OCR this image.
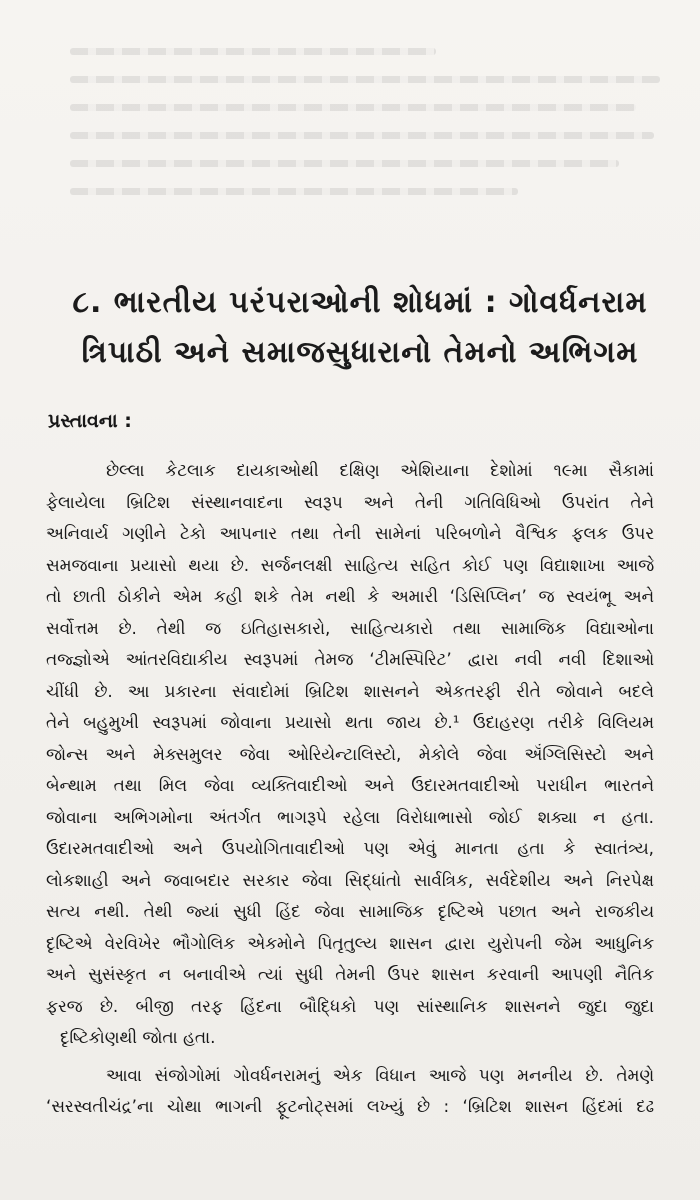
૮. ભારતીય પરંપરાઓની શોધમાં : ગોવર્ધનરામ
ત્રિપાઠી અને સમાજસુધારાનો તેમનો અભિગમ
પ્રસ્તાવના :
છેલ્લા કેટલાક દાયકાઓથી દક્ષિણ એશિયાના દેશોમાં ૧૯મા સૈકામાં
ફેલાયેલા બ્રિટિશ સંસ્થાનવાદના સ્વરૂપ અને તેની ગતિવિધિઓ ઉપરાંત તેને
અનિવાર્ય ગણીને ટેકો આપનાર તથા તેની સામેનાં પરિબળોને વૈશ્વિક ફલક ઉપર
સમજવાના પ્રયાસો થયા છે. સર્જનલક્ષી સાહિત્ય સહિત કોઈ પણ વિદ્યાશાખા આજે
તો છાતી ઠોકીને એમ કહી શકે તેમ નથી કે અમારી ‘ડિસિપ્લિન’ જ સ્વયંભૂ અને
સર્વોત્તમ છે. તેથી જ ઇતિહાસકારો, સાહિત્યકારો તથા સામાજિક વિદ્યાઓના
તજ્જ્ઞોએ આંતરવિદ્યાકીય સ્વરૂપમાં તેમજ ‘ટીમસ્પિરિટ’ દ્વારા નવી નવી દિશાઓ
ચીંધી છે. આ પ્રકારના સંવાદોમાં બ્રિટિશ શાસનને એકતરફી રીતે જોવાને બદલે
તેને બહુમુખી સ્વરૂપમાં જોવાના પ્રયાસો થતા જાય છે.¹ ઉદાહરણ તરીકે વિલિયમ
જોન્સ અને મેક્સમુલર જેવા ઓરિયેન્ટાલિસ્ટો, મેકોલે જેવા ઍંગ્લિસિસ્ટો અને
બેન્થામ તથા મિલ જેવા વ્યક્તિવાદીઓ અને ઉદારમતવાદીઓ પરાધીન ભારતને
જોવાના અભિગમોના અંતર્ગત ભાગરૂપે રહેલા વિરોધાભાસો જોઈ શક્યા ન હતા.
ઉદારમતવાદીઓ અને ઉપયોગિતાવાદીઓ પણ એવું માનતા હતા કે સ્વાતંત્ર્ય,
લોકશાહી અને જવાબદાર સરકાર જેવા સિદ્ધાંતો સાર્વત્રિક, સર્વદેશીય અને નિરપેક્ષ
સત્ય નથી. તેથી જ્યાં સુધી હિંદ જેવા સામાજિક દૃષ્ટિએ પછાત અને રાજકીય
દૃષ્ટિએ વેરવિખેર ભૌગોલિક એકમોને પિતૃતુલ્ય શાસન દ્વારા યુરોપની જેમ આધુનિક
અને સુસંસ્કૃત ન બનાવીએ ત્યાં સુધી તેમની ઉપર શાસન કરવાની આપણી નૈતિક
ફરજ છે. બીજી તરફ હિંદના બૌદ્ધિકો પણ સાંસ્થાનિક શાસનને જુદા જુદા
દૃષ્ટિકોણથી જોતા હતા.
આવા સંજોગોમાં ગોવર્ધનરામનું એક વિધાન આજે પણ મનનીય છે. તેમણે
‘સરસ્વતીચંદ્ર’ના ચોથા ભાગની ફૂટનોટ્સમાં લખ્યું છે : ‘બ્રિટિશ શાસન હિંદમાં દઢ
